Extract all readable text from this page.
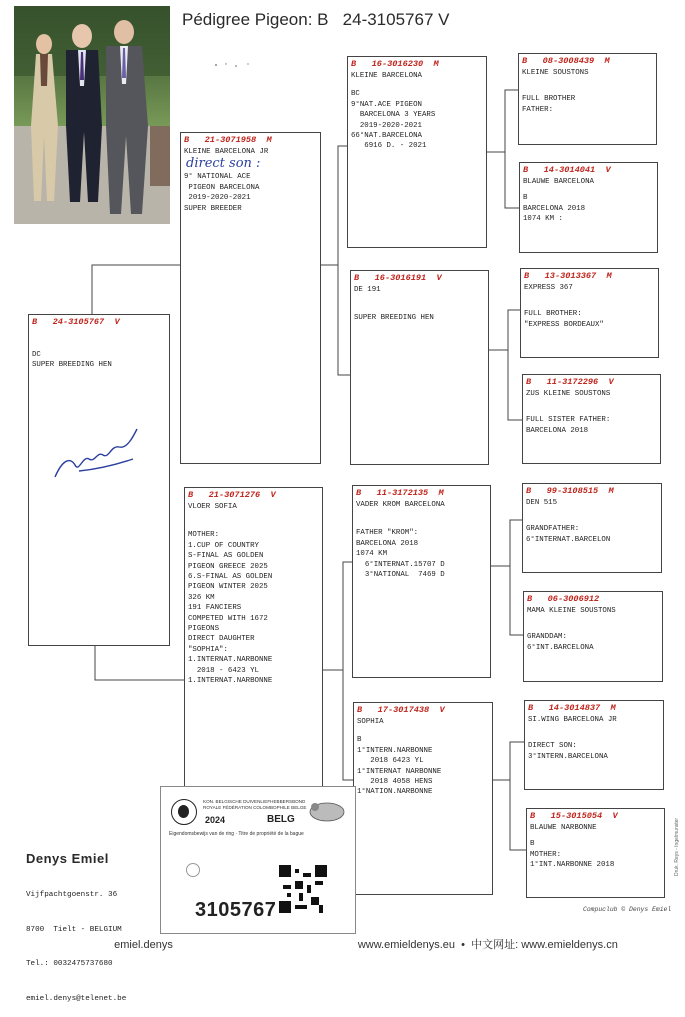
Pédigree Pigeon: B   24-3105767 V
B   24-3105767  V
DC
SUPER BREEDING HEN
B   21-3071958  M
KLEINE BARCELONA JR
direct son :
9° NATIONAL ACE
PIGEON BARCELONA
2019-2020-2021
SUPER BREEDER
B   21-3071276  V
VLOER SOFIA
MOTHER:
1.CUP OF COUNTRY
S-FINAL AS GOLDEN
PIGEON GREECE 2025
6.S-FINAL AS GOLDEN
PIGEON WINTER 2025
326 KM
191 FANCIERS
COMPETED WITH 1672
PIGEONS
DIRECT DAUGHTER
"SOPHIA":
1.INTERNAT.NARBONNE
2018 - 6423 YL
1.INTERNAT.NARBONNE
B   16-3016230  M
KLEINE BARCELONA
BC
9°NAT.ACE PIGEON
BARCELONA 3 YEARS
2019-2020-2021
66°NAT.BARCELONA
6916 D. - 2021
B   16-3016191  V
DE 191
SUPER BREEDING HEN
B   11-3172135  M
VADER KROM BARCELONA
FATHER "KROM":
BARCELONA 2018
1074 KM
6°INTERNAT.15707 D
3°NATIONAL  7469 D
B   17-3017438  V
SOPHIA
B
1°INTERN.NARBONNE
2018 6423 YL
1°INTERNAT NARBONNE
2018 4058 HENS
1°NATION.NARBONNE
B   08-3008439  M
KLEINE SOUSTONS
FULL BROTHER
FATHER:
B   14-3014041  V
BLAUWE BARCELONA
B
BARCELONA 2018
1074 KM :
B   13-3013367  M
EXPRESS 367
FULL BROTHER:
"EXPRESS BORDEAUX"
B   11-3172296  V
ZUS KLEINE SOUSTONS
FULL SISTER FATHER:
BARCELONA 2018
B   99-3108515  M
DEN 515
GRANDFATHER:
6°INTERNAT.BARCELON
B   06-3006912
MAMA KLEINE SOUSTONS
GRANDDAM:
6°INT.BARCELONA
B   14-3014837  M
SI.WING BARCELONA JR
DIRECT SON:
3°INTERN.BARCELONA
B   15-3015054  V
BLAUWE NARBONNE
B
MOTHER:
1°INT.NARBONNE 2018

Denys Emiel

Vijfpachtgoenstr. 36

8700  Tielt - BELGIUM

Tel.: 0032475737680

emiel.denys@telenet.be

emiel.denys	www.emieldenys.eu  •  中文网址: www.emieldenys.cn

Compuclub © Denys Emiel
Druk. Reys - Ingelmunster
KON. BELGISCHE DUIVENLIEFHEBBERSBOND
ROYALE FÉDÉRATION COLOMBOPHILE BELGE
2024	BELG
Eigendomsbewijs van de ring · Titre de propriété de la bague
3105767
